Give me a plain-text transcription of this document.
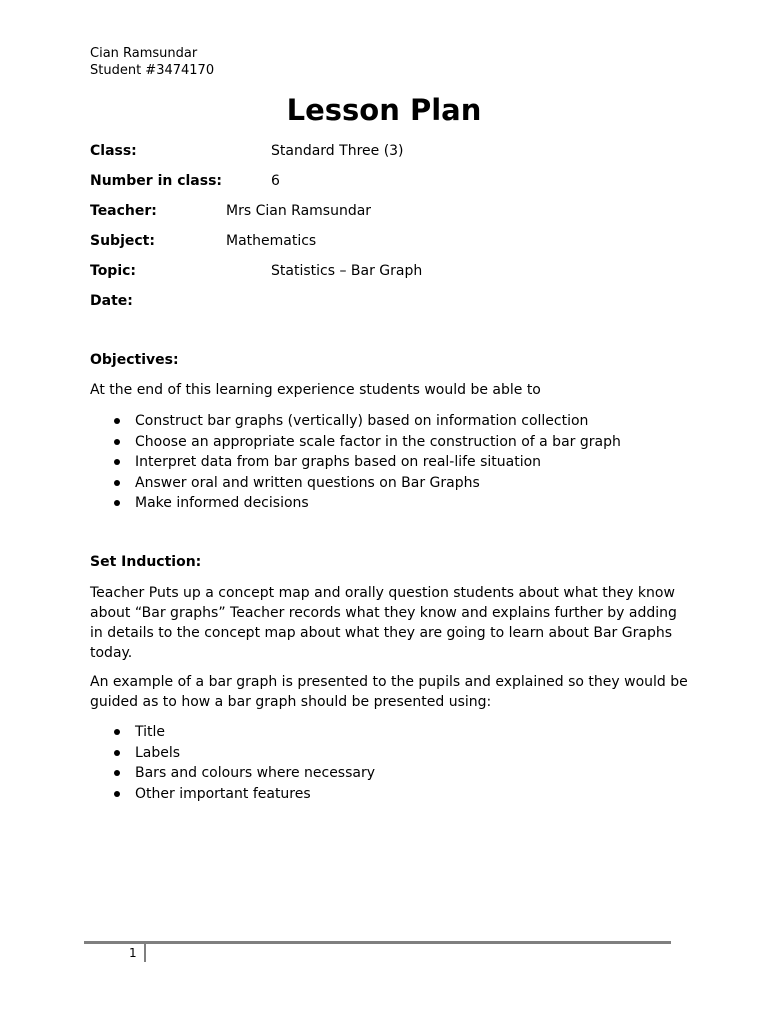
Cian Ramsundar

Student #3474170

Lesson Plan

Class:	Standard Three (3)

Number in class:	6

Teacher:	Mrs Cian Ramsundar

Subject:	Mathematics

Topic:	Statistics – Bar Graph

Date:

Objectives:

At the end of this learning experience students would be able to

Construct bar graphs (vertically) based on information collection
Choose an appropriate scale factor in the construction of a bar graph
Interpret data from bar graphs based on real-life situation
Answer oral and written questions on Bar Graphs
Make informed decisions

Set Induction:

Teacher Puts up a concept map and orally question students about what they know about “Bar graphs” Teacher records what they know and explains further by adding in details to the concept map about what they are going to learn about Bar Graphs today.

An example of a bar graph is presented to the pupils and explained so they would be guided as to how a bar graph should be presented using:

Title
Labels
Bars and colours where necessary
Other important features
1
